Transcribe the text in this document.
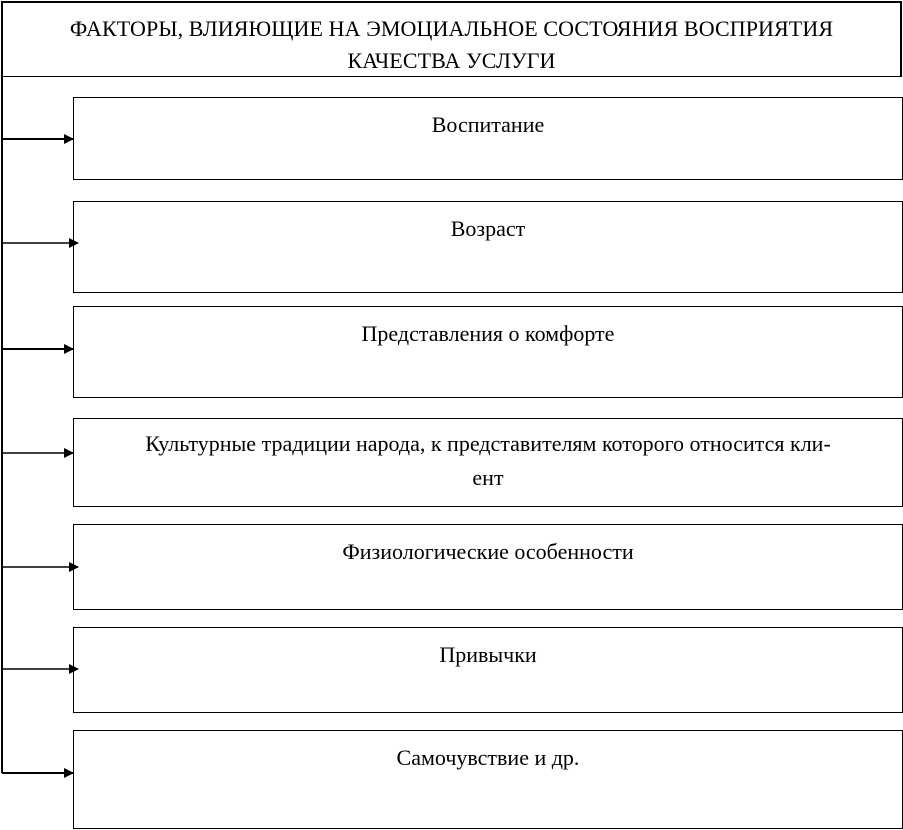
ФАКТОРЫ, ВЛИЯЮЩИЕ НА ЭМОЦИАЛЬНОЕ СОСТОЯНИЯ ВОСПРИЯТИЯ
КАЧЕСТВА УСЛУГИ
Воспитание
Возраст
Представления о комфорте
Культурные традиции народа, к представителям которого относится кли-
ент
Физиологические особенности
Привычки
Самочувствие и др.
